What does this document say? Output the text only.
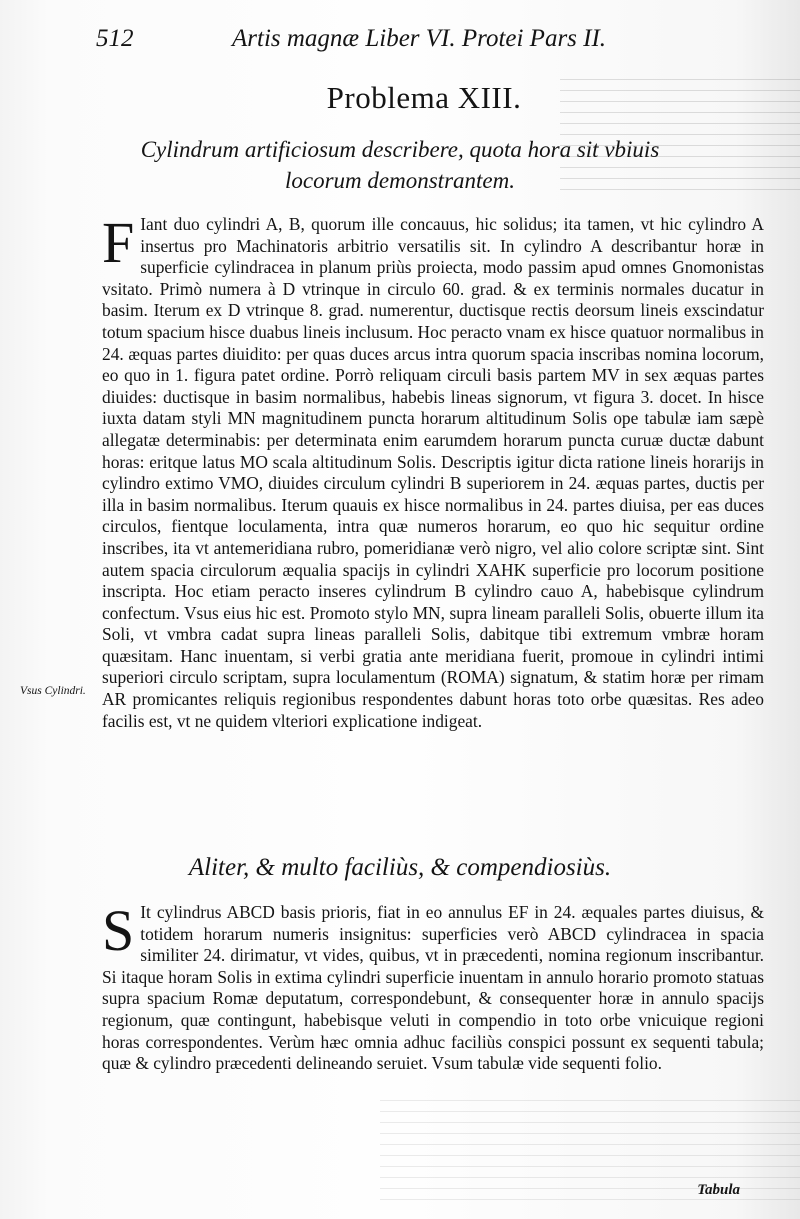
512	Artis magnæ Liber VI. Protei Pars II.
Problema XIII.
Cylindrum artificiosum describere, quota hora sit vbiuis locorum demonstrantem.

F Iant duo cylindri A, B, quorum ille concauus, hic solidus; ita tamen, vt hic cylindro A insertus pro Machinatoris arbitrio versatilis sit. In cylindro A describantur horæ in superficie cylindracea in planum priùs proiecta, modo passim apud omnes Gnomonistas vsitato. Primò numera à D vtrinque in circulo 60. grad. & ex terminis normales ducatur in basim. Iterum ex D vtrinque 8. grad. numerentur, ductisque rectis deorsum lineis exscindatur totum spacium hisce duabus lineis inclusum. Hoc peracto vnam ex hisce quatuor normalibus in 24. æquas partes diuidito: per quas duces arcus intra quorum spacia inscribas nomina locorum, eo quo in 1. figura patet ordine. Porrò reliquam circuli basis partem MV in sex æquas partes diuides: ductisque in basim normalibus, habebis lineas signorum, vt figura 3. docet. In hisce iuxta datam styli MN magnitudinem puncta horarum altitudinum Solis ope tabulæ iam sæpè allegatæ determinabis: per determinata enim earumdem horarum puncta curuæ ductæ dabunt horas: eritque latus MO scala altitudinum Solis. Descriptis igitur dicta ratione lineis horarijs in cylindro extimo VMO, diuides circulum cylindri B superiorem in 24. æquas partes, ductis per illa in basim normalibus. Iterum quauis ex hisce normalibus in 24. partes diuisa, per eas duces circulos, fientque loculamenta, intra quæ numeros horarum, eo quo hic sequitur ordine inscribes, ita vt antemeridiana rubro, pomeridianæ verò nigro, vel alio colore scriptæ sint. Sint autem spacia circulorum æqualia spacijs in cylindri XAHK superficie pro locorum positione inscripta. Hoc etiam peracto inseres cylindrum B cylindro cauo A, habebisque cylindrum confectum. Vsus eius hic est. Promoto stylo MN, supra lineam paralleli Solis, obuerte illum ita Soli, vt vmbra cadat supra lineas paralleli Solis, dabitque tibi extremum vmbræ horam quæsitam. Hanc inuentam, si verbi gratia ante meridiana fuerit, promoue in cylindri intimi superiori circulo scriptam, supra loculamentum (ROMA) signatum, & statim horæ per rimam AR promicantes reliquis regionibus respondentes dabunt horas toto orbe quæsitas. Res adeo facilis est, vt ne quidem vlteriori explicatione indigeat.

Vsus Cylindri.
Aliter, & multo faciliùs, & compendiosiùs.

S It cylindrus ABCD basis prioris, fiat in eo annulus EF in 24. æquales partes diuisus, & totidem horarum numeris insignitus: superficies verò ABCD cylindracea in spacia similiter 24. dirimatur, vt vides, quibus, vt in præcedenti, nomina regionum inscribantur. Si itaque horam Solis in extima cylindri superficie inuentam in annulo horario promoto statuas supra spacium Romæ deputatum, correspondebunt, & consequenter horæ in annulo spacijs regionum, quæ contingunt, habebisque veluti in compendio in toto orbe vnicuique regioni horas correspondentes. Verùm hæc omnia adhuc faciliùs conspici possunt ex sequenti tabula; quæ & cylindro præcedenti delineando seruiet. Vsum tabulæ vide sequenti folio.

Tabula
